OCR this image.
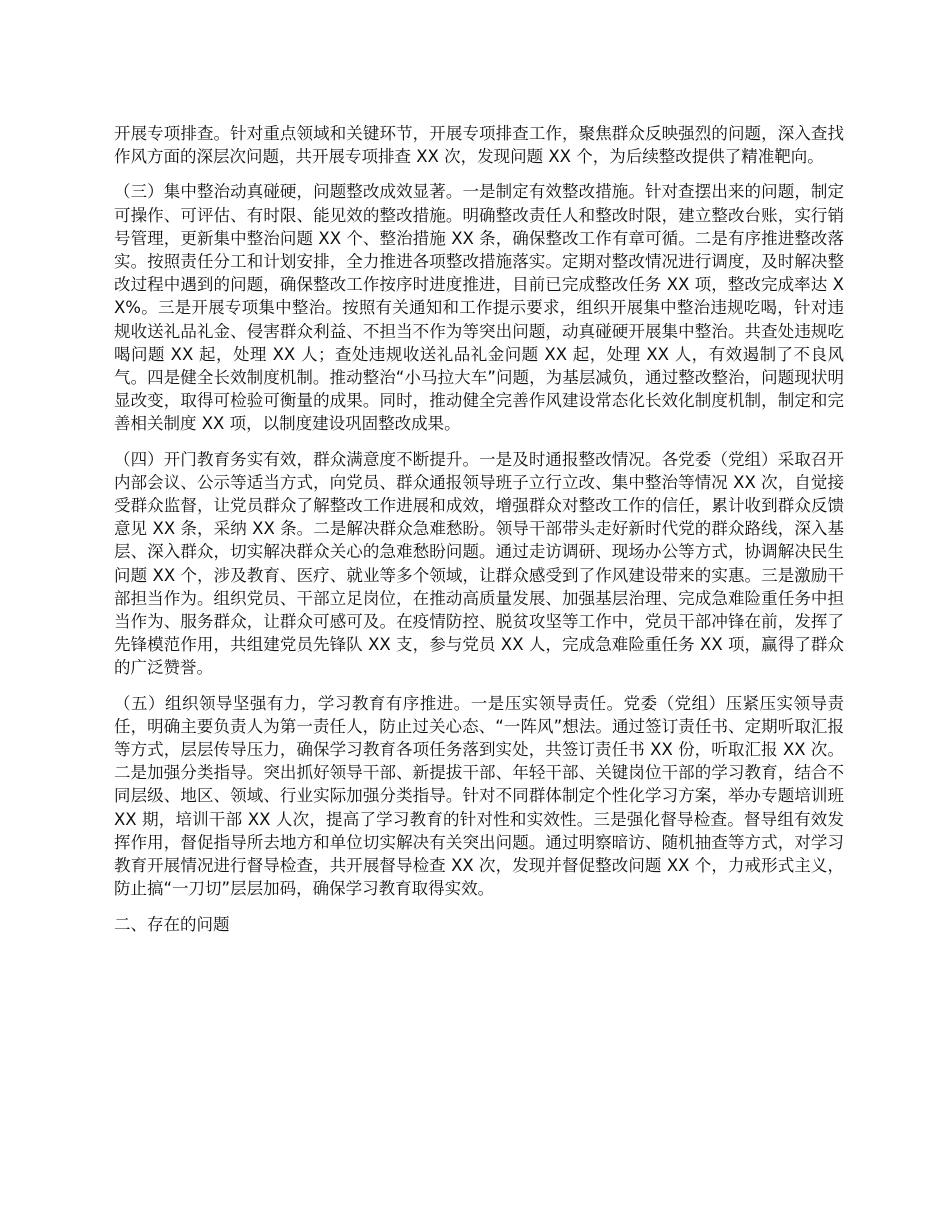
开展专项排查。针对重点领域和关键环节，开展专项排查工作，聚焦群众反映强烈的问题，深入查找作风方面的深层次问题，共开展专项排查 XX 次，发现问题 XX 个，为后续整改提供了精准靶向。

（三）集中整治动真碰硬，问题整改成效显著。一是制定有效整改措施。针对查摆出来的问题，制定可操作、可评估、有时限、能见效的整改措施。明确整改责任人和整改时限，建立整改台账，实行销号管理，更新集中整治问题 XX 个、整治措施 XX 条，确保整改工作有章可循。二是有序推进整改落实。按照责任分工和计划安排，全力推进各项整改措施落实。定期对整改情况进行调度，及时解决整改过程中遇到的问题，确保整改工作按序时进度推进，目前已完成整改任务 XX 项，整改完成率达 XX%。三是开展专项集中整治。按照有关通知和工作提示要求，组织开展集中整治违规吃喝，针对违规收送礼品礼金、侵害群众利益、不担当不作为等突出问题，动真碰硬开展集中整治。共查处违规吃喝问题 XX 起，处理 XX 人；查处违规收送礼品礼金问题 XX 起，处理 XX 人，有效遏制了不良风气。四是健全长效制度机制。推动整治“小马拉大车”问题，为基层减负，通过整改整治，问题现状明显改变，取得可检验可衡量的成果。同时，推动健全完善作风建设常态化长效化制度机制，制定和完善相关制度 XX 项，以制度建设巩固整改成果。

（四）开门教育务实有效，群众满意度不断提升。一是及时通报整改情况。各党委（党组）采取召开内部会议、公示等适当方式，向党员、群众通报领导班子立行立改、集中整治等情况 XX 次，自觉接受群众监督，让党员群众了解整改工作进展和成效，增强群众对整改工作的信任，累计收到群众反馈意见 XX 条，采纳 XX 条。二是解决群众急难愁盼。领导干部带头走好新时代党的群众路线，深入基层、深入群众，切实解决群众关心的急难愁盼问题。通过走访调研、现场办公等方式，协调解决民生问题 XX 个，涉及教育、医疗、就业等多个领域，让群众感受到了作风建设带来的实惠。三是激励干部担当作为。组织党员、干部立足岗位，在推动高质量发展、加强基层治理、完成急难险重任务中担当作为、服务群众，让群众可感可及。在疫情防控、脱贫攻坚等工作中，党员干部冲锋在前，发挥了先锋模范作用，共组建党员先锋队 XX 支，参与党员 XX 人，完成急难险重任务 XX 项，赢得了群众的广泛赞誉。

（五）组织领导坚强有力，学习教育有序推进。一是压实领导责任。党委（党组）压紧压实领导责任，明确主要负责人为第一责任人，防止过关心态、“一阵风”想法。通过签订责任书、定期听取汇报等方式，层层传导压力，确保学习教育各项任务落到实处，共签订责任书 XX 份，听取汇报 XX 次。二是加强分类指导。突出抓好领导干部、新提拔干部、年轻干部、关键岗位干部的学习教育，结合不同层级、地区、领域、行业实际加强分类指导。针对不同群体制定个性化学习方案，举办专题培训班 XX 期，培训干部 XX 人次，提高了学习教育的针对性和实效性。三是强化督导检查。督导组有效发挥作用，督促指导所去地方和单位切实解决有关突出问题。通过明察暗访、随机抽查等方式，对学习教育开展情况进行督导检查，共开展督导检查 XX 次，发现并督促整改问题 XX 个，力戒形式主义，防止搞“一刀切”层层加码，确保学习教育取得实效。

二、存在的问题
